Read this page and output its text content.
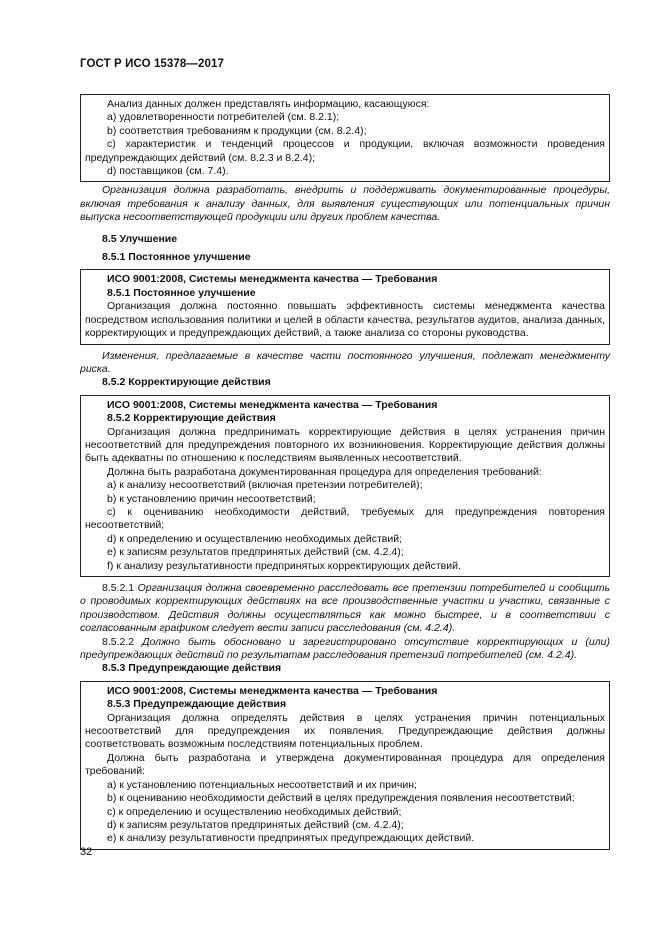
ГОСТ Р ИСО 15378—2017

Анализ данных должен представлять информацию, касающуюся:

a) удовлетворенности потребителей (см. 8.2.1);

b) соответствия требованиям к продукции (см. 8.2.4);

c) характеристик и тенденций процессов и продукции, включая возможности проведения предупреждающих действий (см. 8.2.3 и 8.2.4);

d) поставщиков (см. 7.4).

Организация должна разработать, внедрить и поддерживать документированные процедуры, включая требования к анализу данных, для выявления существующих или потенциальных причин выпуска несоответствующей продукции или других проблем качества.

8.5 Улучшение

8.5.1 Постоянное улучшение

ИСО 9001:2008, Системы менеджмента качества — Требования

8.5.1 Постоянное улучшение

Организация должна постоянно повышать эффективность системы менеджмента качества посредством использования политики и целей в области качества, результатов аудитов, анализа данных, корректирующих и предупреждающих действий, а также анализа со стороны руководства.

Изменения, предлагаемые в качестве части постоянного улучшения, подлежат менеджменту риска.

8.5.2 Корректирующие действия

ИСО 9001:2008, Системы менеджмента качества — Требования

8.5.2 Корректирующие действия

Организация должна предпринимать корректирующие действия в целях устранения причин несоответствий для предупреждения повторного их возникновения. Корректирующие действия должны быть адекватны по отношению к последствиям выявленных несоответствий.

Должна быть разработана документированная процедура для определения требований:

a) к анализу несоответствий (включая претензии потребителей);

b) к установлению причин несоответствий;

c) к оцениванию необходимости действий, требуемых для предупреждения повторения несоответствий;

d) к определению и осуществлению необходимых действий;

e) к записям результатов предпринятых действий (см. 4.2.4);

f) к анализу результативности предпринятых корректирующих действий.

8.5.2.1 Организация должна своевременно расследовать все претензии потребителей и сообщить о проводимых корректирующих действиях на все производственные участки и участки, связанные с производством. Действия должны осуществляться как можно быстрее, и в соответствии с согласованным графиком следует вести записи расследования (см. 4.2.4).

8.5.2.2 Должно быть обосновано и зарегистрировано отсутствие корректирующих и (или) предупреждающих действий по результатам расследования претензий потребителей (см. 4.2.4).

8.5.3 Предупреждающие действия

ИСО 9001:2008, Системы менеджмента качества — Требования

8.5.3 Предупреждающие действия

Организация должна определять действия в целях устранения причин потенциальных несоответствий для предупреждения их появления. Предупреждающие действия должны соответствовать возможным последствиям потенциальных проблем.

Должна быть разработана и утверждена документированная процедура для определения требований:

a) к установлению потенциальных несоответствий и их причин;

b) к оцениванию необходимости действий в целях предупреждения появления несоответствий;

c) к определению и осуществлению необходимых действий;

d) к записям результатов предпринятых действий (см. 4.2.4);

e) к анализу результативности предпринятых предупреждающих действий.

32
